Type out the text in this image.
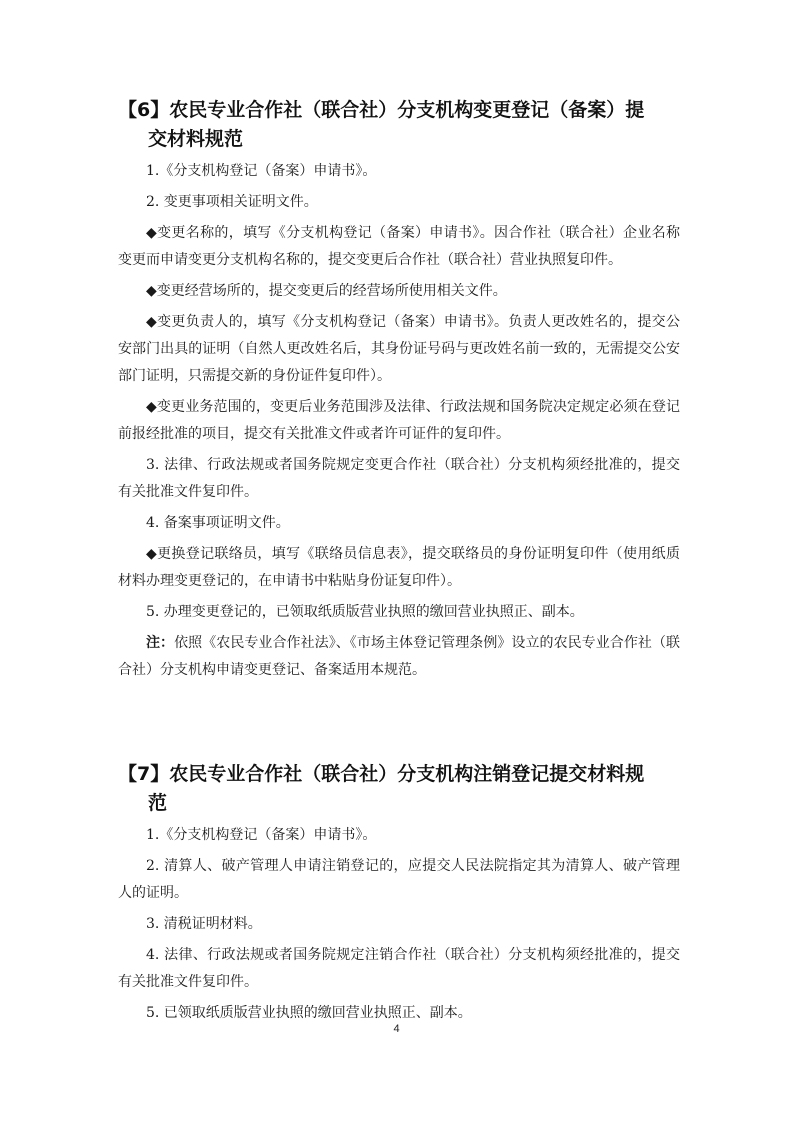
【6】农民专业合作社（联合社）分支机构变更登记（备案）提
交材料规范

1.《分支机构登记（备案）申请书》。

2. 变更事项相关证明文件。

◆变更名称的，填写《分支机构登记（备案）申请书》。因合作社（联合社）企业名称变更而申请变更分支机构名称的，提交变更后合作社（联合社）营业执照复印件。

◆变更经营场所的，提交变更后的经营场所使用相关文件。

◆变更负责人的，填写《分支机构登记（备案）申请书》。负责人更改姓名的，提交公安部门出具的证明（自然人更改姓名后，其身份证号码与更改姓名前一致的，无需提交公安部门证明，只需提交新的身份证件复印件）。

◆变更业务范围的，变更后业务范围涉及法律、行政法规和国务院决定规定必须在登记前报经批准的项目，提交有关批准文件或者许可证件的复印件。

3. 法律、行政法规或者国务院规定变更合作社（联合社）分支机构须经批准的，提交有关批准文件复印件。

4. 备案事项证明文件。

◆更换登记联络员，填写《联络员信息表》，提交联络员的身份证明复印件（使用纸质材料办理变更登记的，在申请书中粘贴身份证复印件）。

5. 办理变更登记的，已领取纸质版营业执照的缴回营业执照正、副本。

注：依照《农民专业合作社法》、《市场主体登记管理条例》设立的农民专业合作社（联合社）分支机构申请变更登记、备案适用本规范。

【7】农民专业合作社（联合社）分支机构注销登记提交材料规
范

1.《分支机构登记（备案）申请书》。

2. 清算人、破产管理人申请注销登记的，应提交人民法院指定其为清算人、破产管理人的证明。

3. 清税证明材料。

4. 法律、行政法规或者国务院规定注销合作社（联合社）分支机构须经批准的，提交有关批准文件复印件。

5. 已领取纸质版营业执照的缴回营业执照正、副本。

4
